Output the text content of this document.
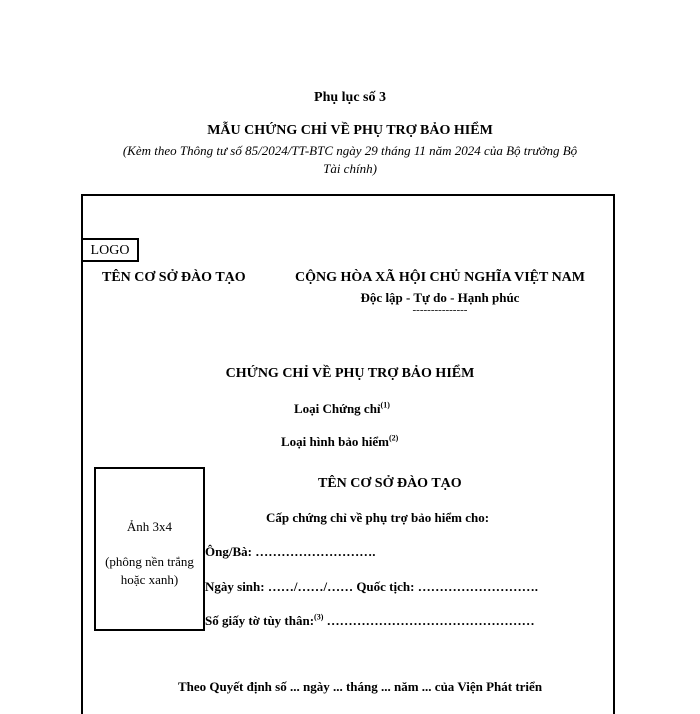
Phụ lục số 3
MẪU CHỨNG CHỈ VỀ PHỤ TRỢ BẢO HIỂM
(Kèm theo Thông tư số 85/2024/TT-BTC ngày 29 tháng 11 năm 2024 của Bộ trưởng Bộ
Tài chính)
LOGO
TÊN CƠ SỞ ĐÀO TẠO	CỘNG HÒA XÃ HỘI CHỦ NGHĨA VIỆT NAM
Độc lập - Tự do - Hạnh phúc
---------------
CHỨNG CHỈ VỀ PHỤ TRỢ BẢO HIỂM
Loại Chứng chỉ$^{(1)}$
Loại hình bảo hiểm$^{(2)}$
Ảnh 3x4
(phông nền trắng
hoặc xanh)
TÊN CƠ SỞ ĐÀO TẠO
Cấp chứng chỉ về phụ trợ bảo hiểm cho:
Ông/Bà: ……………………….
Ngày sinh: ……/……/…… Quốc tịch: ……………………….
Số giấy tờ tùy thân:$^{(3)}$ …………………………………………
Theo Quyết định số ... ngày ... tháng ... năm ... của Viện Phát triển
